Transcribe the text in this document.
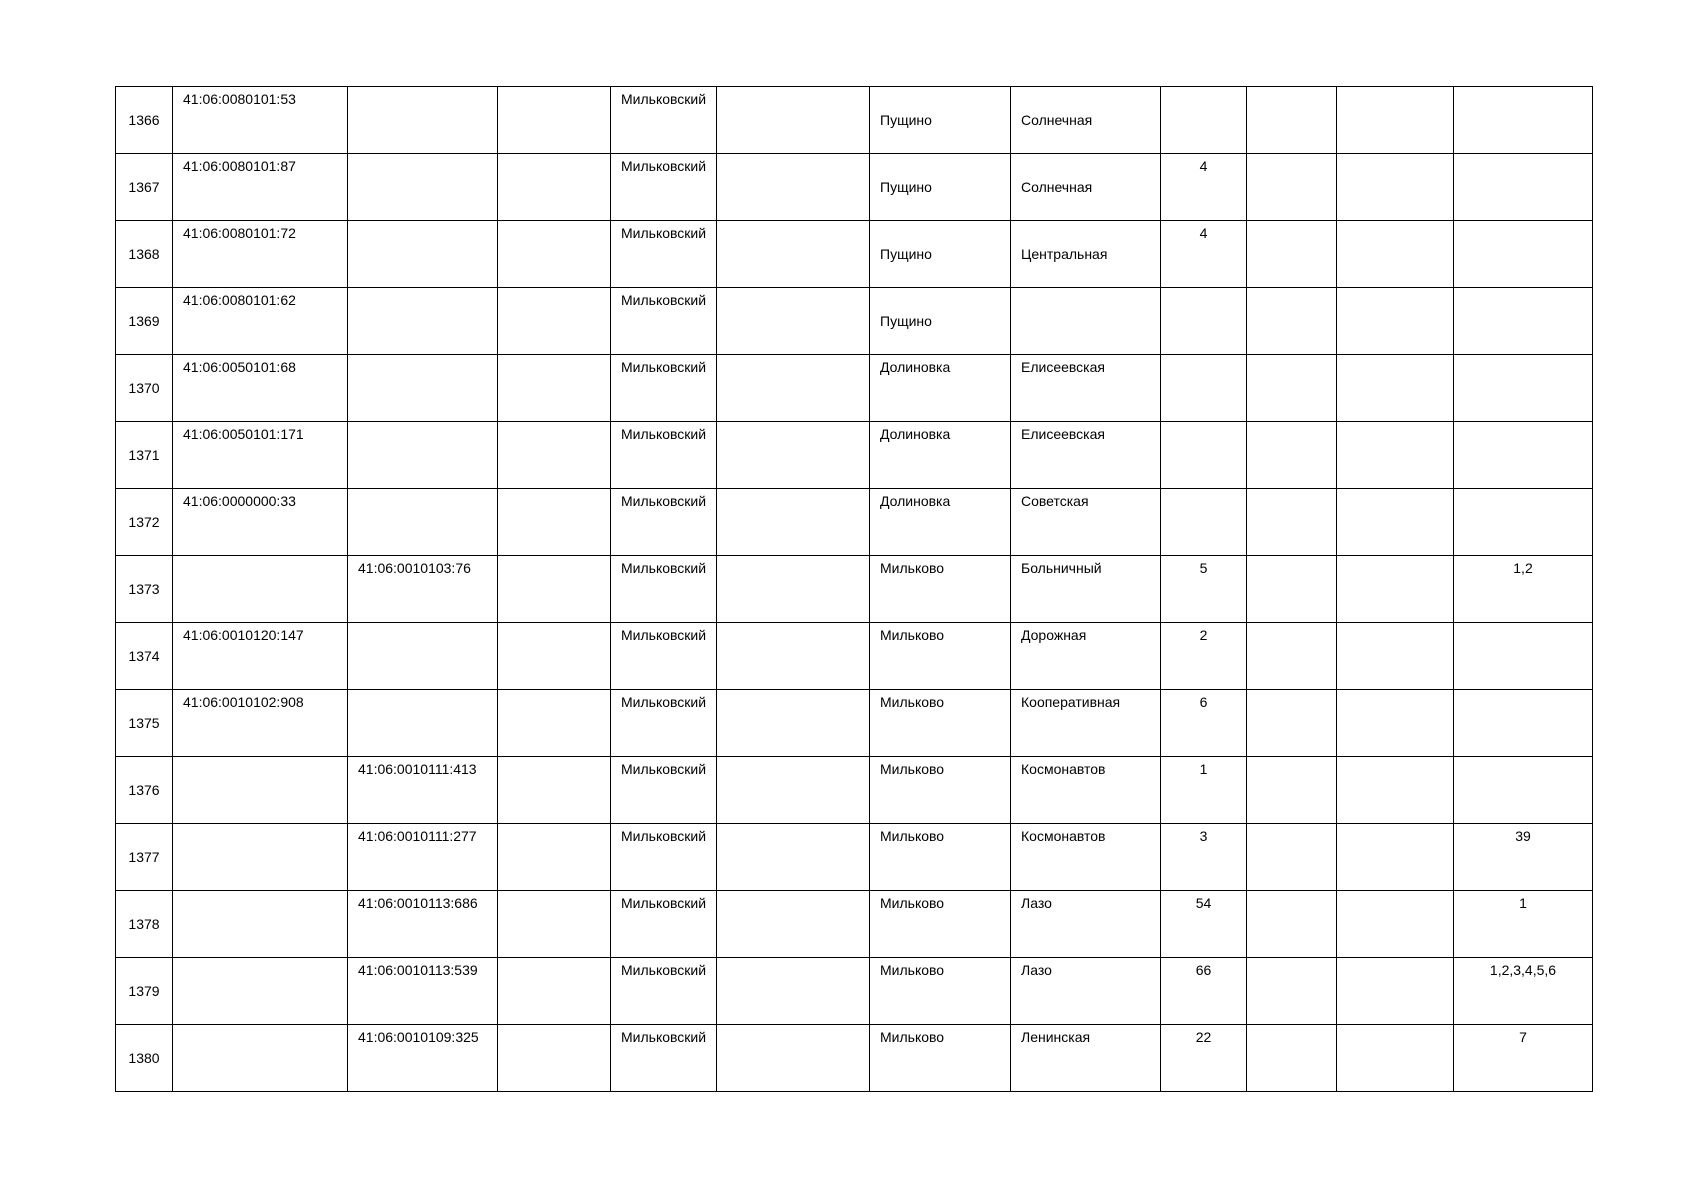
1366	41:06:0080101:53			Мильковский		Пущино	Солнечная				
1367	41:06:0080101:87			Мильковский		Пущино	Солнечная	4			
1368	41:06:0080101:72			Мильковский		Пущино	Центральная	4			
1369	41:06:0080101:62			Мильковский		Пущино					
1370	41:06:0050101:68			Мильковский		Долиновка	Елисеевская				
1371	41:06:0050101:171			Мильковский		Долиновка	Елисеевская				
1372	41:06:0000000:33			Мильковский		Долиновка	Советская				
1373		41:06:0010103:76		Мильковский		Мильково	Больничный	5			1,2
1374	41:06:0010120:147			Мильковский		Мильково	Дорожная	2			
1375	41:06:0010102:908			Мильковский		Мильково	Кооперативная	6			
1376		41:06:0010111:413		Мильковский		Мильково	Космонавтов	1			
1377		41:06:0010111:277		Мильковский		Мильково	Космонавтов	3			39
1378		41:06:0010113:686		Мильковский		Мильково	Лазо	54			1
1379		41:06:0010113:539		Мильковский		Мильково	Лазо	66			1,2,3,4,5,6
1380		41:06:0010109:325		Мильковский		Мильково	Ленинская	22			7
